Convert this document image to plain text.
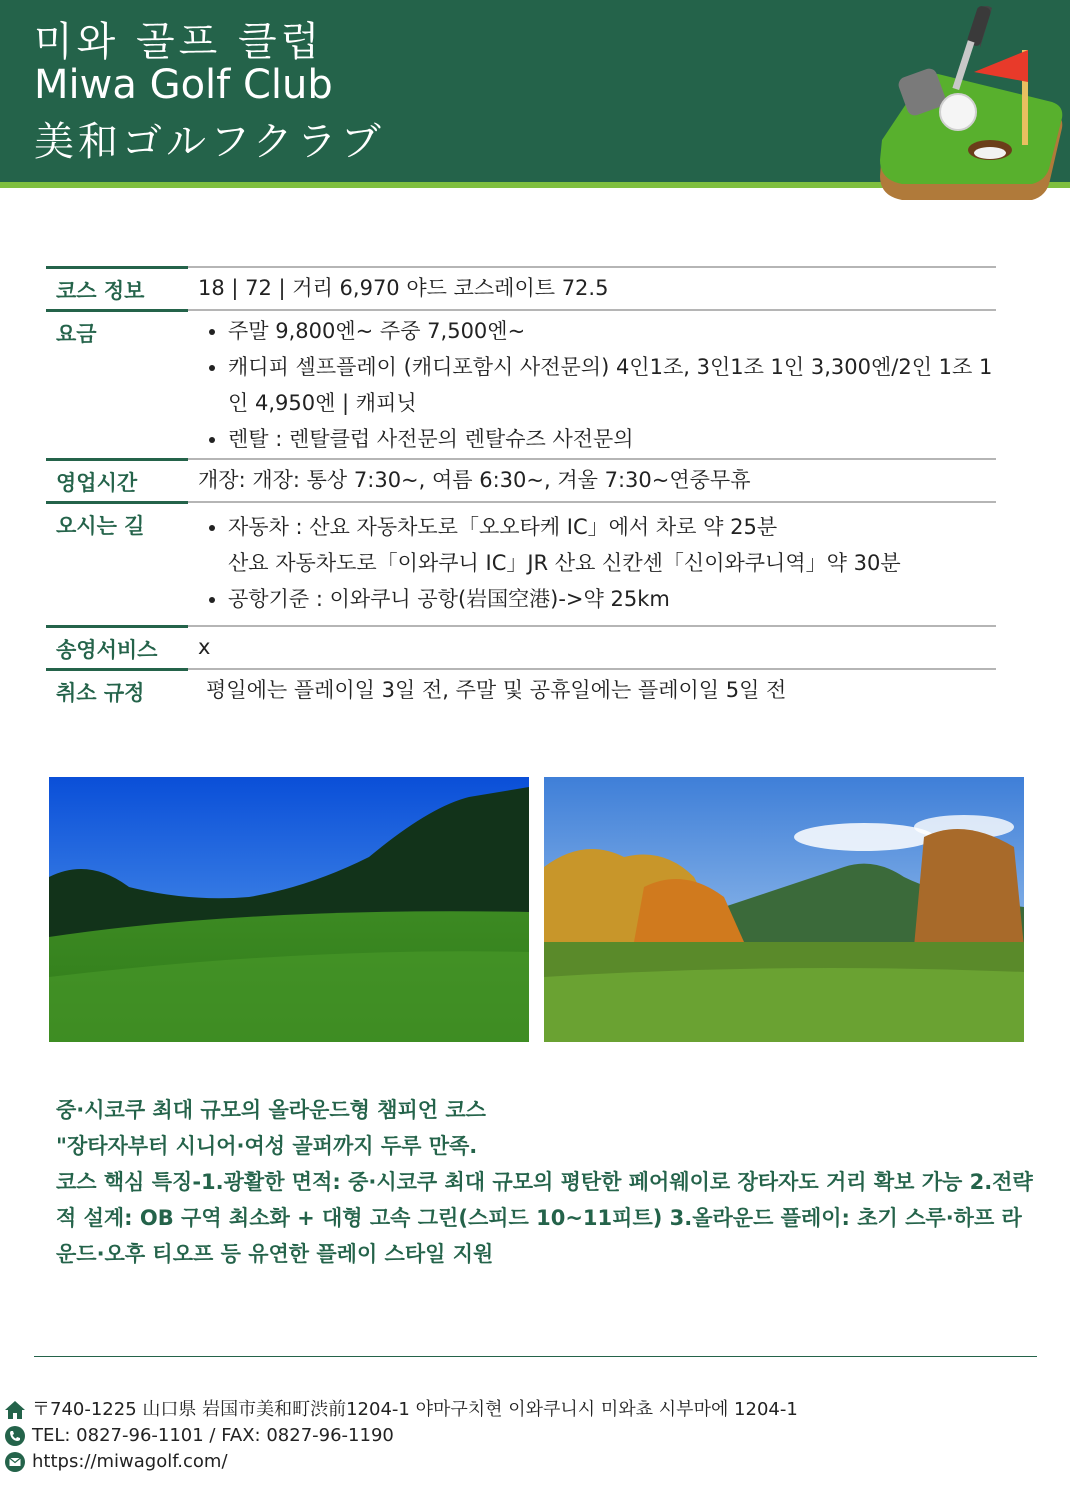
미와 골프 클럽
Miwa Golf Club
美和ゴルフクラブ
코스 정보	18 | 72 | 거리 6,970 야드 코스레이트 72.5
요금	• 주말 9,800엔~ 주중 7,500엔~
• 캐디피 셀프플레이 (캐디포함시 사전문의) 4인1조, 3인1조 1인 3,300엔/2인 1조 1인 4,950엔 | 캐피닛
• 렌탈 : 렌탈클럽 사전문의 렌탈슈즈 사전문의
영업시간	개장: 개장: 통상 7:30~, 여름 6:30~, 겨울 7:30~연중무휴
오시는 길	• 자동차 : 산요 자동차도로「오오타케 IC」에서 차로 약 25분
산요 자동차도로「이와쿠니 IC」JR 산요 신칸센「신이와쿠니역」약 30분
• 공항기준 : 이와쿠니 공항(岩国空港)->약 25km
송영서비스	x
취소 규정	평일에는 플레이일 3일 전, 주말 및 공휴일에는 플레이일 5일 전

중·시코쿠 최대 규모의 올라운드형 챔피언 코스

"장타자부터 시니어·여성 골퍼까지 두루 만족.

코스 핵심 특징-1.광활한 면적: 중·시코쿠 최대 규모의 평탄한 페어웨이로 장타자도 거리 확보 가능 2.전략적 설계: OB 구역 최소화 + 대형 고속 그린(스피드 10~11피트) 3.올라운드 플레이: 초기 스루·하프 라운드·오후 티오프 등 유연한 플레이 스타일 지원

〒740-1225 山口県 岩国市美和町渋前1204-1 야마구치현 이와쿠니시 미와쵸 시부마에 1204-1
TEL: 0827-96-1101 / FAX: 0827-96-1190
https://miwagolf.com/
